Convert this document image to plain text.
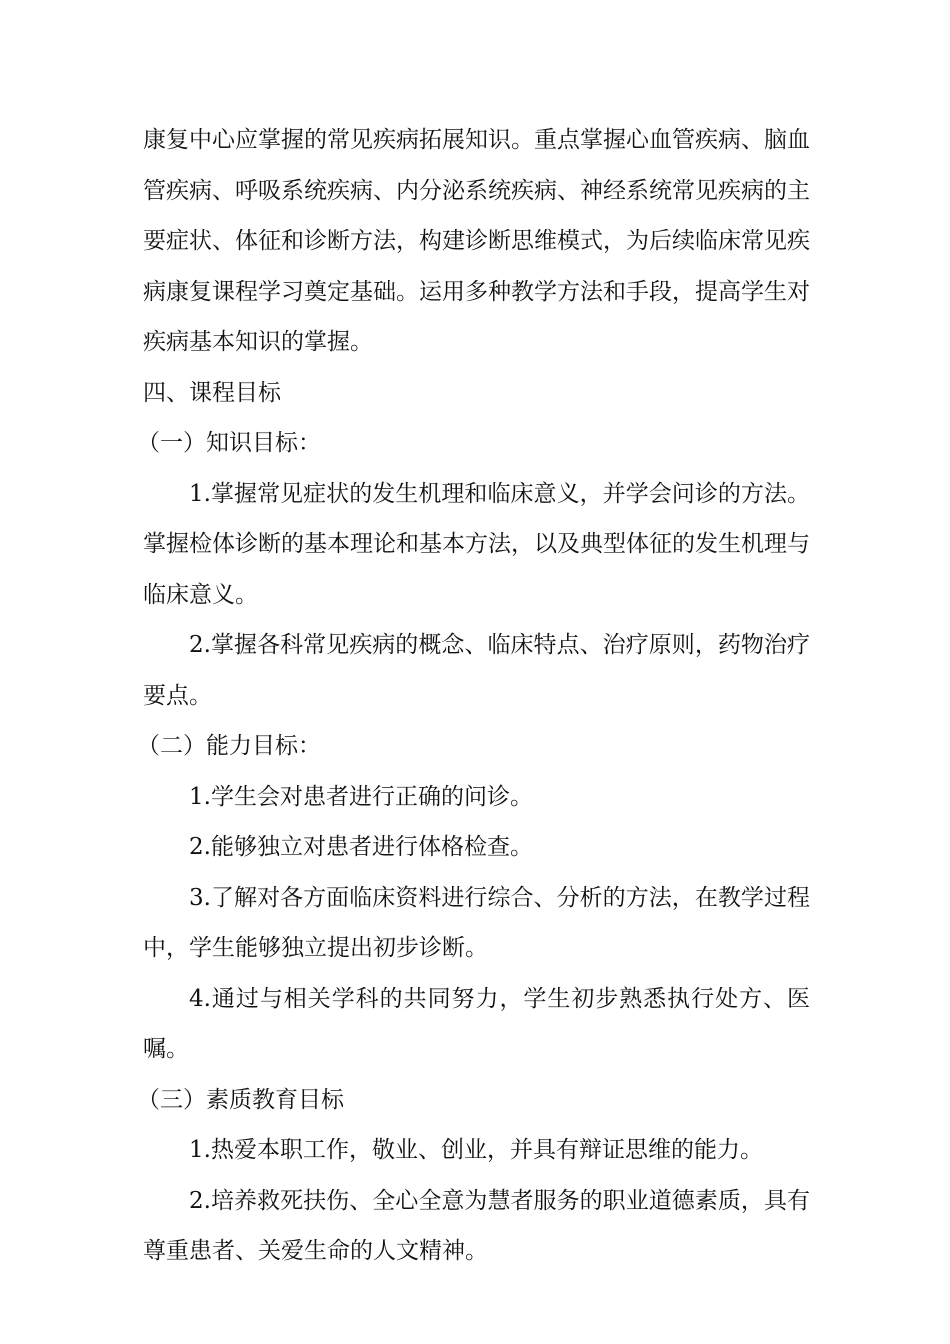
康复中心应掌握的常见疾病拓展知识。重点掌握心血管疾病、脑血管疾病、呼吸系统疾病、内分泌系统疾病、神经系统常见疾病的主要症状、体征和诊断方法，构建诊断思维模式，为后续临床常见疾病康复课程学习奠定基础。运用多种教学方法和手段，提高学生对疾病基本知识的掌握。

四、课程目标

（一）知识目标：

1.掌握常见症状的发生机理和临床意义，并学会问诊的方法。掌握检体诊断的基本理论和基本方法，以及典型体征的发生机理与临床意义。

2.掌握各科常见疾病的概念、临床特点、治疗原则，药物治疗要点。

（二）能力目标：

1.学生会对患者进行正确的问诊。

2.能够独立对患者进行体格检查。

3.了解对各方面临床资料进行综合、分析的方法，在教学过程中，学生能够独立提出初步诊断。

4.通过与相关学科的共同努力，学生初步熟悉执行处方、医嘱。

（三）素质教育目标

1.热爱本职工作，敬业、创业，并具有辩证思维的能力。

2.培养救死扶伤、全心全意为慧者服务的职业道德素质，具有尊重患者、关爱生命的人文精神。
